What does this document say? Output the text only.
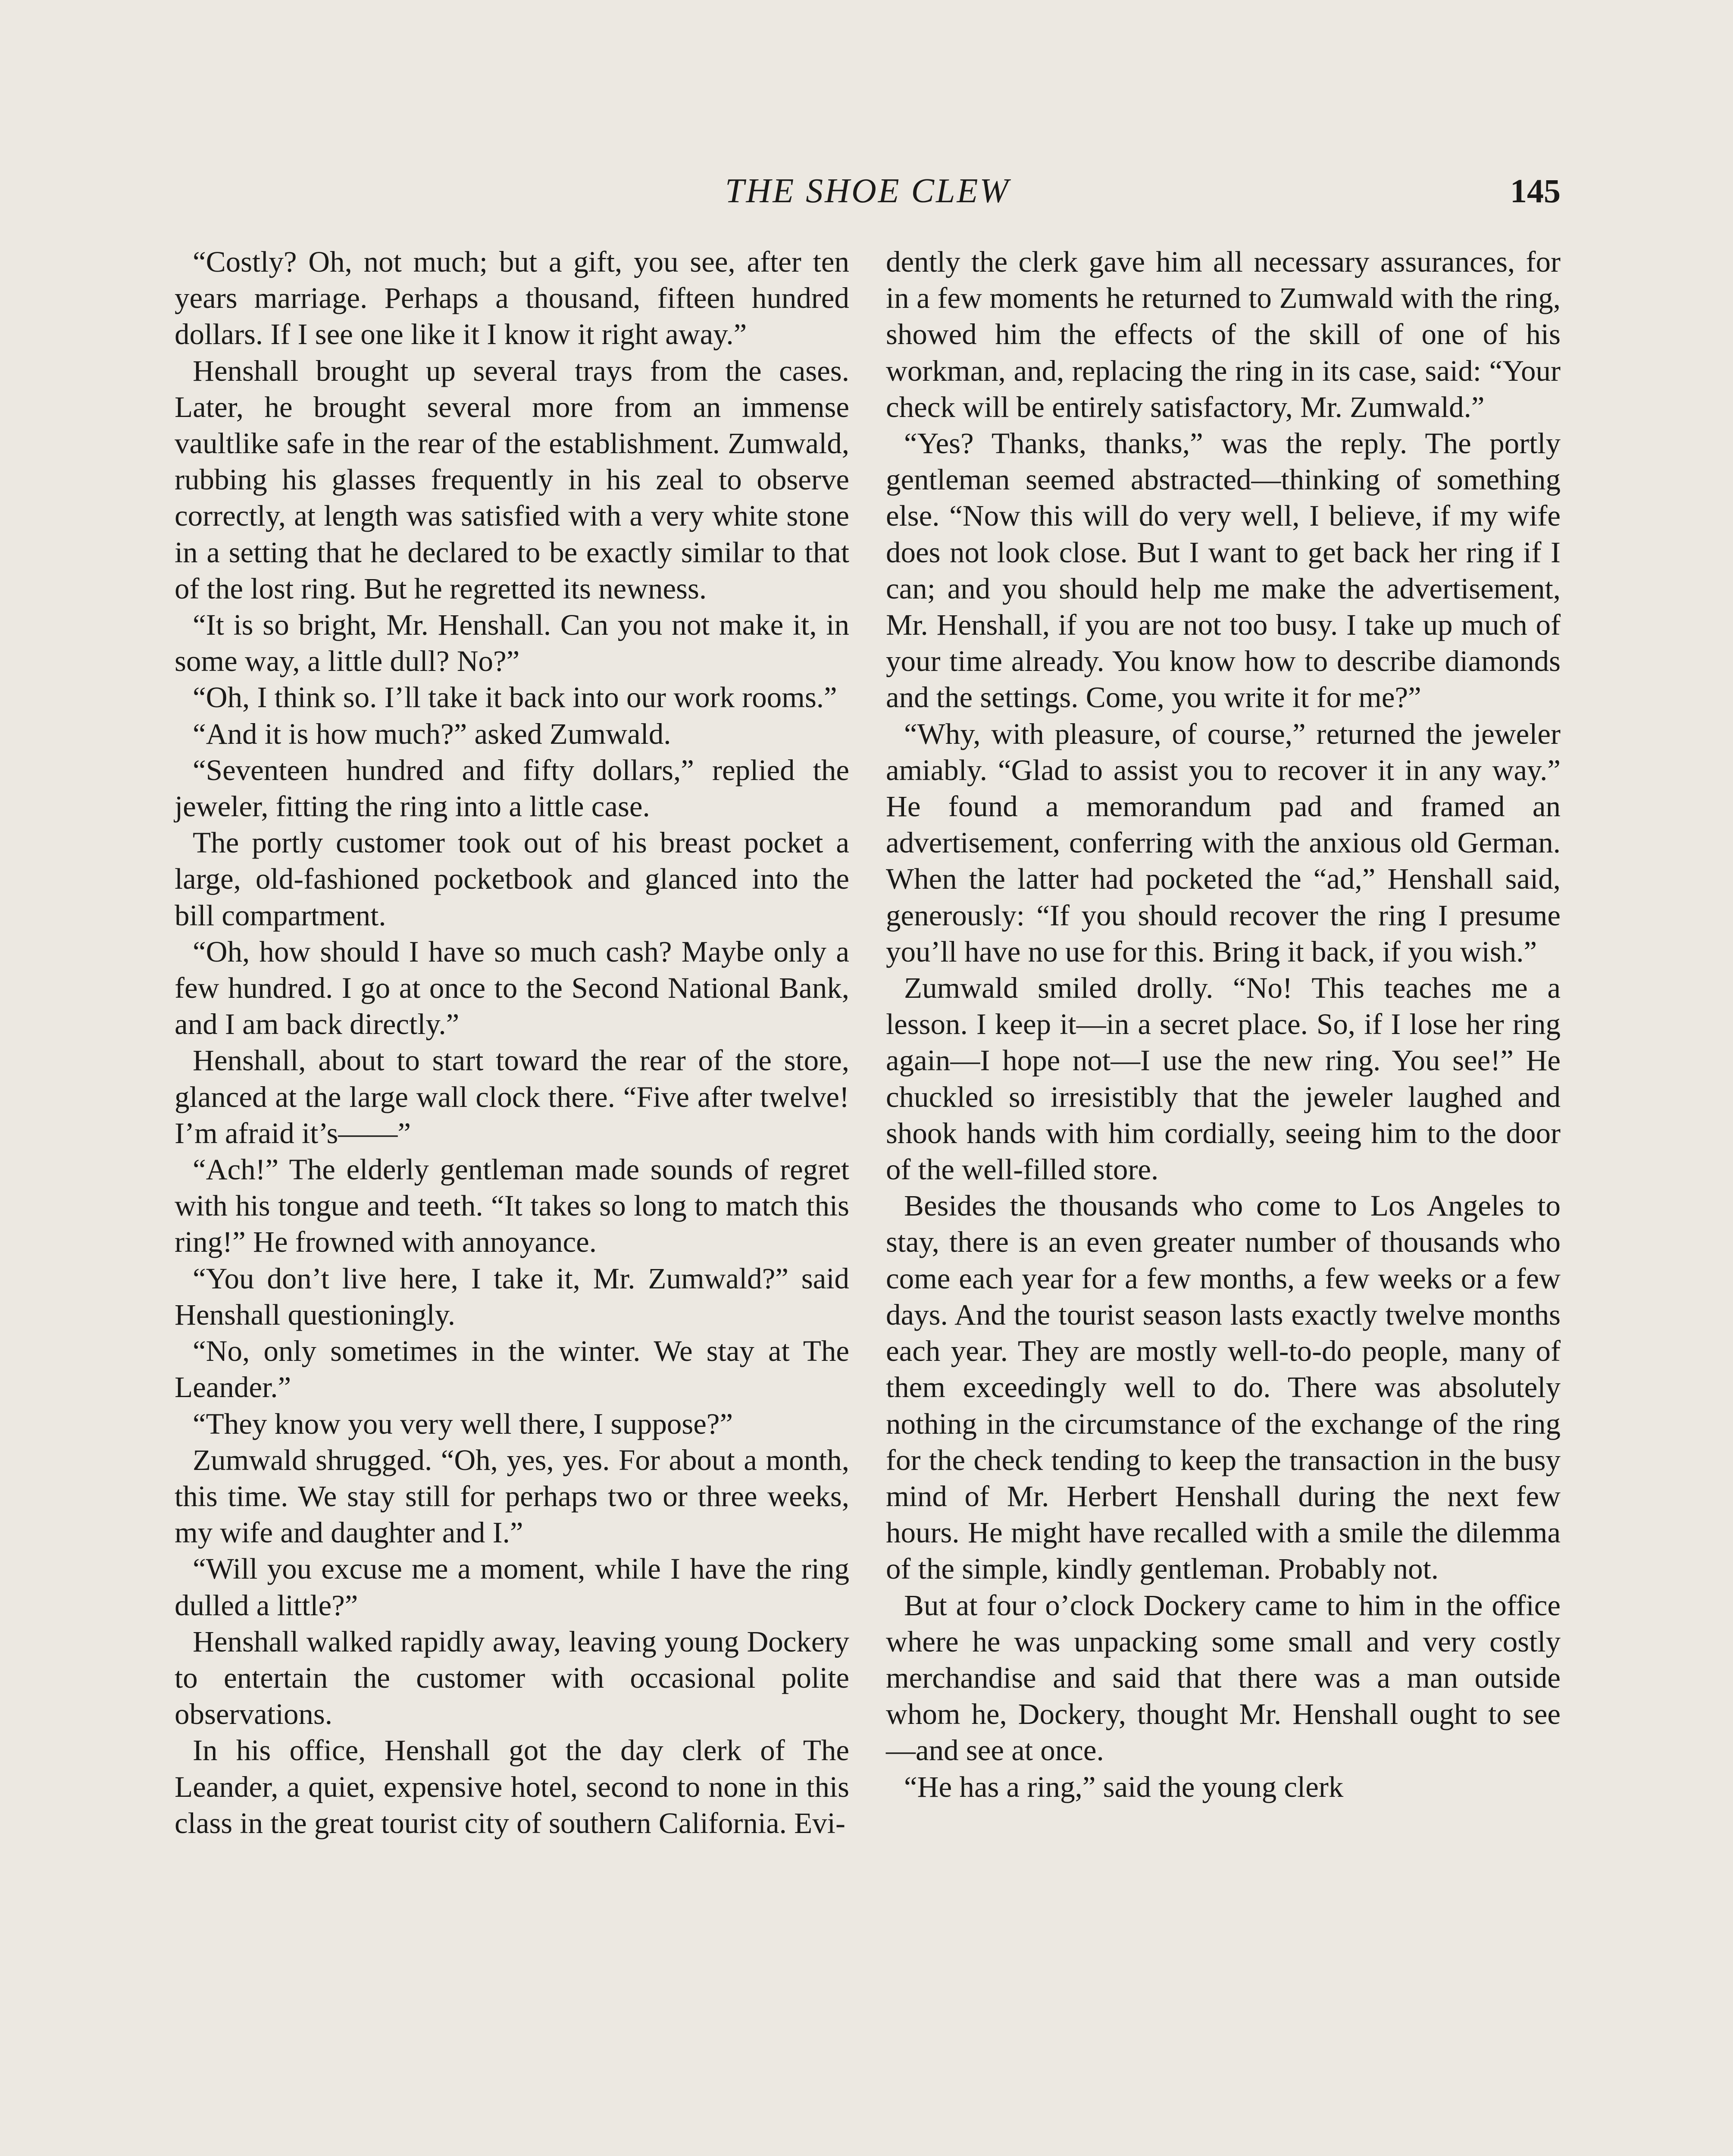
THE SHOE CLEW	145

“Costly? Oh, not much; but a gift, you see, after ten years marriage. Perhaps a thousand, fifteen hundred dollars. If I see one like it I know it right away.”

Henshall brought up several trays from the cases. Later, he brought several more from an immense vaultlike safe in the rear of the establishment. Zumwald, rubbing his glasses frequently in his zeal to observe correctly, at length was satisfied with a very white stone in a setting that he declared to be exactly similar to that of the lost ring. But he regretted its newness.

“It is so bright, Mr. Henshall. Can you not make it, in some way, a little dull? No?”

“Oh, I think so. I’ll take it back into our work rooms.”

“And it is how much?” asked Zumwald.

“Seventeen hundred and fifty dollars,” replied the jeweler, fitting the ring into a little case.

The portly customer took out of his breast pocket a large, old-fashioned pocketbook and glanced into the bill compartment.

“Oh, how should I have so much cash? Maybe only a few hundred. I go at once to the Second National Bank, and I am back directly.”

Henshall, about to start toward the rear of the store, glanced at the large wall clock there. “Five after twelve! I’m afraid it’s——”

“Ach!” The elderly gentleman made sounds of regret with his tongue and teeth. “It takes so long to match this ring!” He frowned with annoyance.

“You don’t live here, I take it, Mr. Zumwald?” said Henshall questioningly.

“No, only sometimes in the winter. We stay at The Leander.”

“They know you very well there, I suppose?”

Zumwald shrugged. “Oh, yes, yes. For about a month, this time. We stay still for perhaps two or three weeks, my wife and daughter and I.”

“Will you excuse me a moment, while I have the ring dulled a little?”

Henshall walked rapidly away, leaving young Dockery to entertain the customer with occasional polite observations.

In his office, Henshall got the day clerk of The Leander, a quiet, expensive hotel, second to none in this class in the great tourist city of southern California. Evi-

dently the clerk gave him all necessary assurances, for in a few moments he returned to Zumwald with the ring, showed him the effects of the skill of one of his workman, and, replacing the ring in its case, said: “Your check will be entirely satisfactory, Mr. Zumwald.”

“Yes? Thanks, thanks,” was the reply. The portly gentleman seemed abstracted—thinking of something else. “Now this will do very well, I believe, if my wife does not look close. But I want to get back her ring if I can; and you should help me make the advertisement, Mr. Henshall, if you are not too busy. I take up much of your time already. You know how to describe diamonds and the settings. Come, you write it for me?”

“Why, with pleasure, of course,” returned the jeweler amiably. “Glad to assist you to recover it in any way.” He found a memorandum pad and framed an advertisement, conferring with the anxious old German. When the latter had pocketed the “ad,” Henshall said, generously: “If you should recover the ring I presume you’ll have no use for this. Bring it back, if you wish.”

Zumwald smiled drolly. “No! This teaches me a lesson. I keep it—in a secret place. So, if I lose her ring again—I hope not—I use the new ring. You see!” He chuckled so irresistibly that the jeweler laughed and shook hands with him cordially, seeing him to the door of the well-filled store.

Besides the thousands who come to Los Angeles to stay, there is an even greater number of thousands who come each year for a few months, a few weeks or a few days. And the tourist season lasts exactly twelve months each year. They are mostly well-to-do people, many of them exceedingly well to do. There was absolutely nothing in the circumstance of the exchange of the ring for the check tending to keep the transaction in the busy mind of Mr. Herbert Henshall during the next few hours. He might have recalled with a smile the dilemma of the simple, kindly gentleman. Probably not.

But at four o’clock Dockery came to him in the office where he was unpacking some small and very costly merchandise and said that there was a man outside whom he, Dockery, thought Mr. Henshall ought to see—and see at once.

“He has a ring,” said the young clerk
